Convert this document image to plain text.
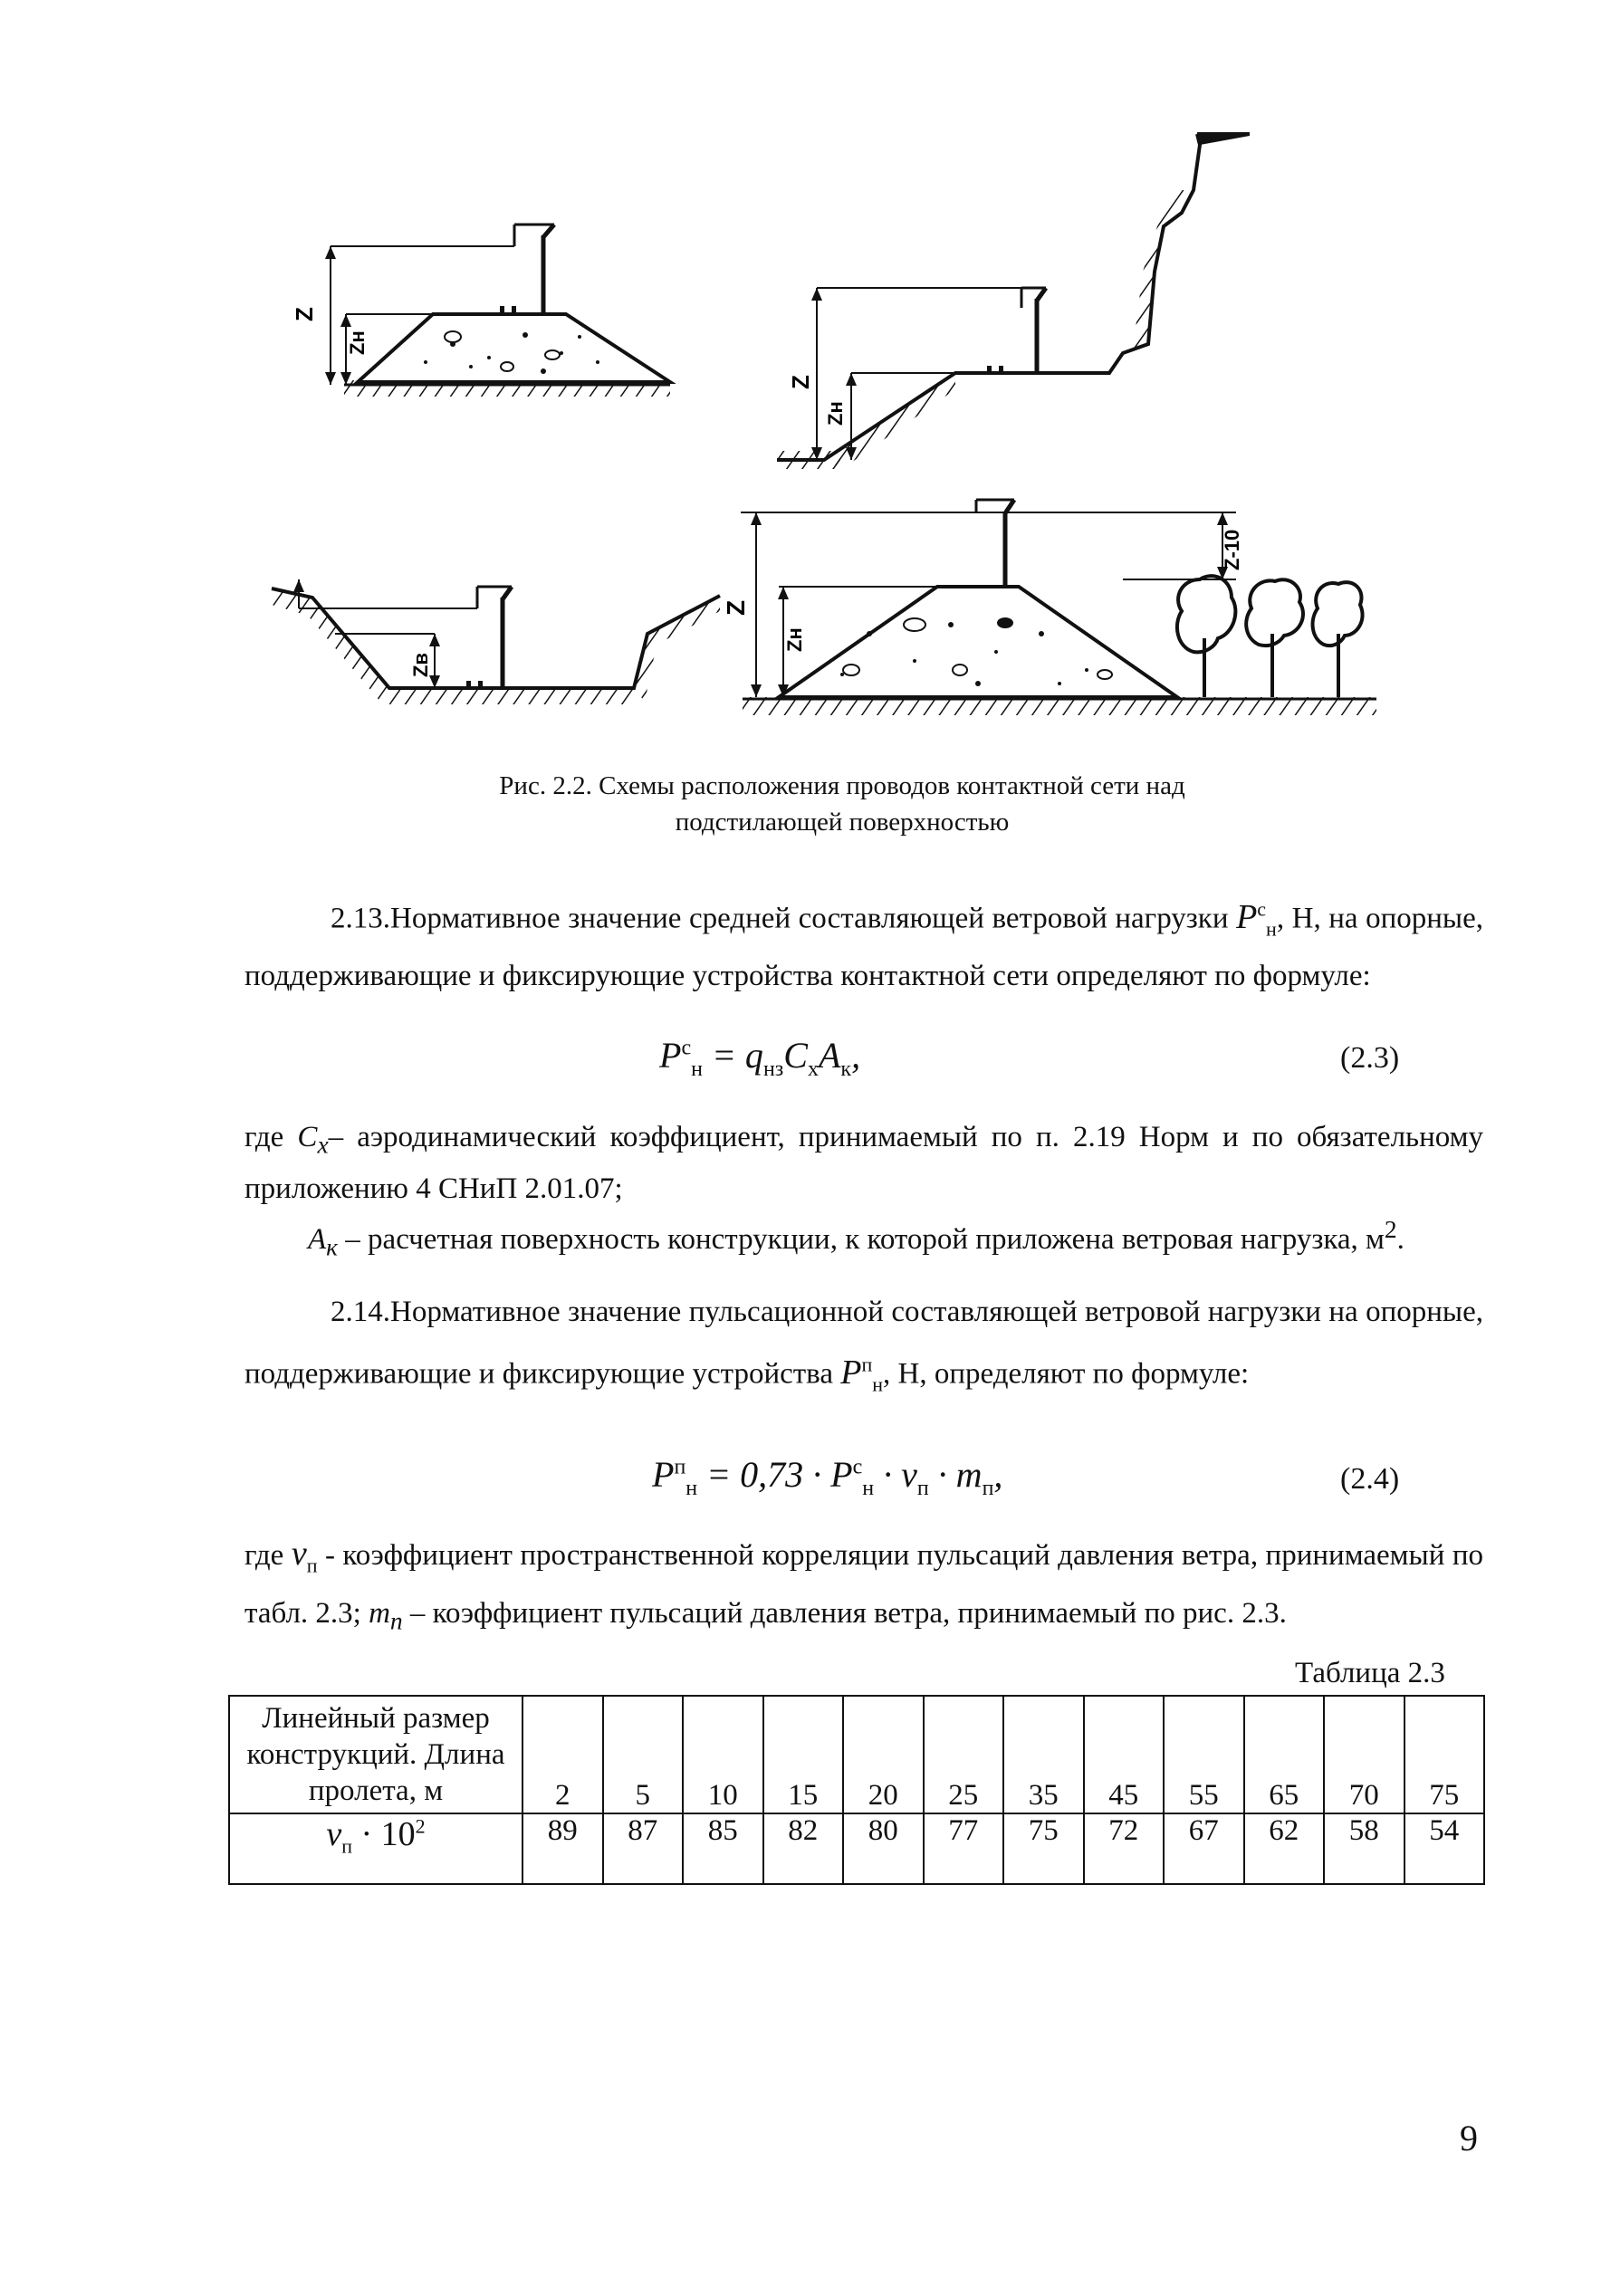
Z
Zн
Z
Zн
Zв
Z
Zн
Z-10
Рис. 2.2. Схемы расположения проводов контактной сети над
подстилающей поверхностью
2.13.Нормативное значение средней составляющей ветровой нагрузки $P^с_н$, Н, на опорные, поддерживающие и фиксирующие устройства контактной сети определяют по формуле:
$P^с_н = q_{нз}C_xA_к$,	(2.3)
где $C_x-$ аэродинамический коэффициент, принимаемый по п. 2.19 Норм и по обязательному приложению 4 СНиП 2.01.07;
$A_к$ – расчетная поверхность конструкции, к которой приложена ветровая нагрузка, $м^2$.
2.14.Нормативное значение пульсационной составляющей ветровой нагрузки на опорные, поддерживающие и фиксирующие устройства $P^п_н$, Н, определяют по формуле:
$P^п_н = 0,73 \cdot P^с_н \cdot \nu_п \cdot m_п$,	(2.4)
где $\nu_п$ - коэффициент пространственной корреляции пульсаций давления ветра, принимаемый по табл. 2.3; $m_п$ – коэффициент пульсаций давления ветра, принимаемый по рис. 2.3.
Таблица 2.3
Линейный размер конструкций. Длина пролета, м	2	5	10	15	20	25	35	45	55	65	70	75
$\nu_п \cdot 10^2$	89	87	85	82	80	77	75	72	67	62	58	54
9
